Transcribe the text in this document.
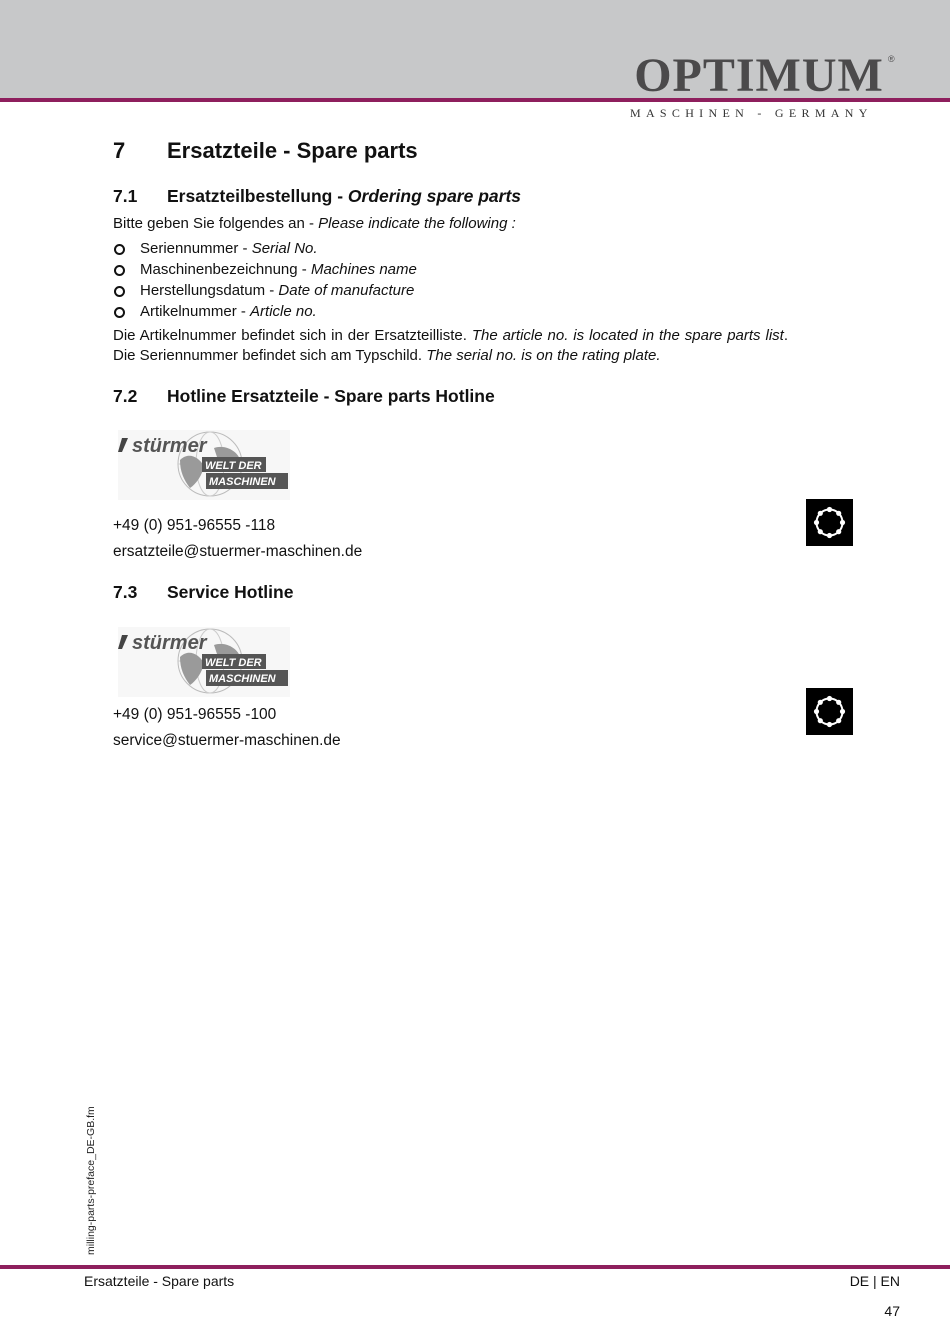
OPTIMUM ®
MASCHINEN - GERMANY
7 Ersatzteile - Spare parts
7.1 Ersatzteilbestellung - Ordering spare parts
Bitte geben Sie folgendes an - Please indicate the following :
Seriennummer - Serial No.
Maschinenbezeichnung - Machines name
Herstellungsdatum - Date of manufacture
Artikelnummer - Article no.
Die Artikelnummer befindet sich in der Ersatzteilliste. The article no. is located in the spare parts list. Die Seriennummer befindet sich am Typschild. The serial no. is on the rating plate.
7.2 Hotline Ersatzteile - Spare parts Hotline
stürmer
WELT DER
MASCHINEN
+49 (0) 951-96555 -118
ersatzteile@stuermer-maschinen.de
7.3 Service Hotline
stürmer
WELT DER
MASCHINEN
+49 (0) 951-96555 -100
service@stuermer-maschinen.de
milling-parts-preface_DE-GB.fm
Ersatzteile - Spare parts	DE | EN
47
